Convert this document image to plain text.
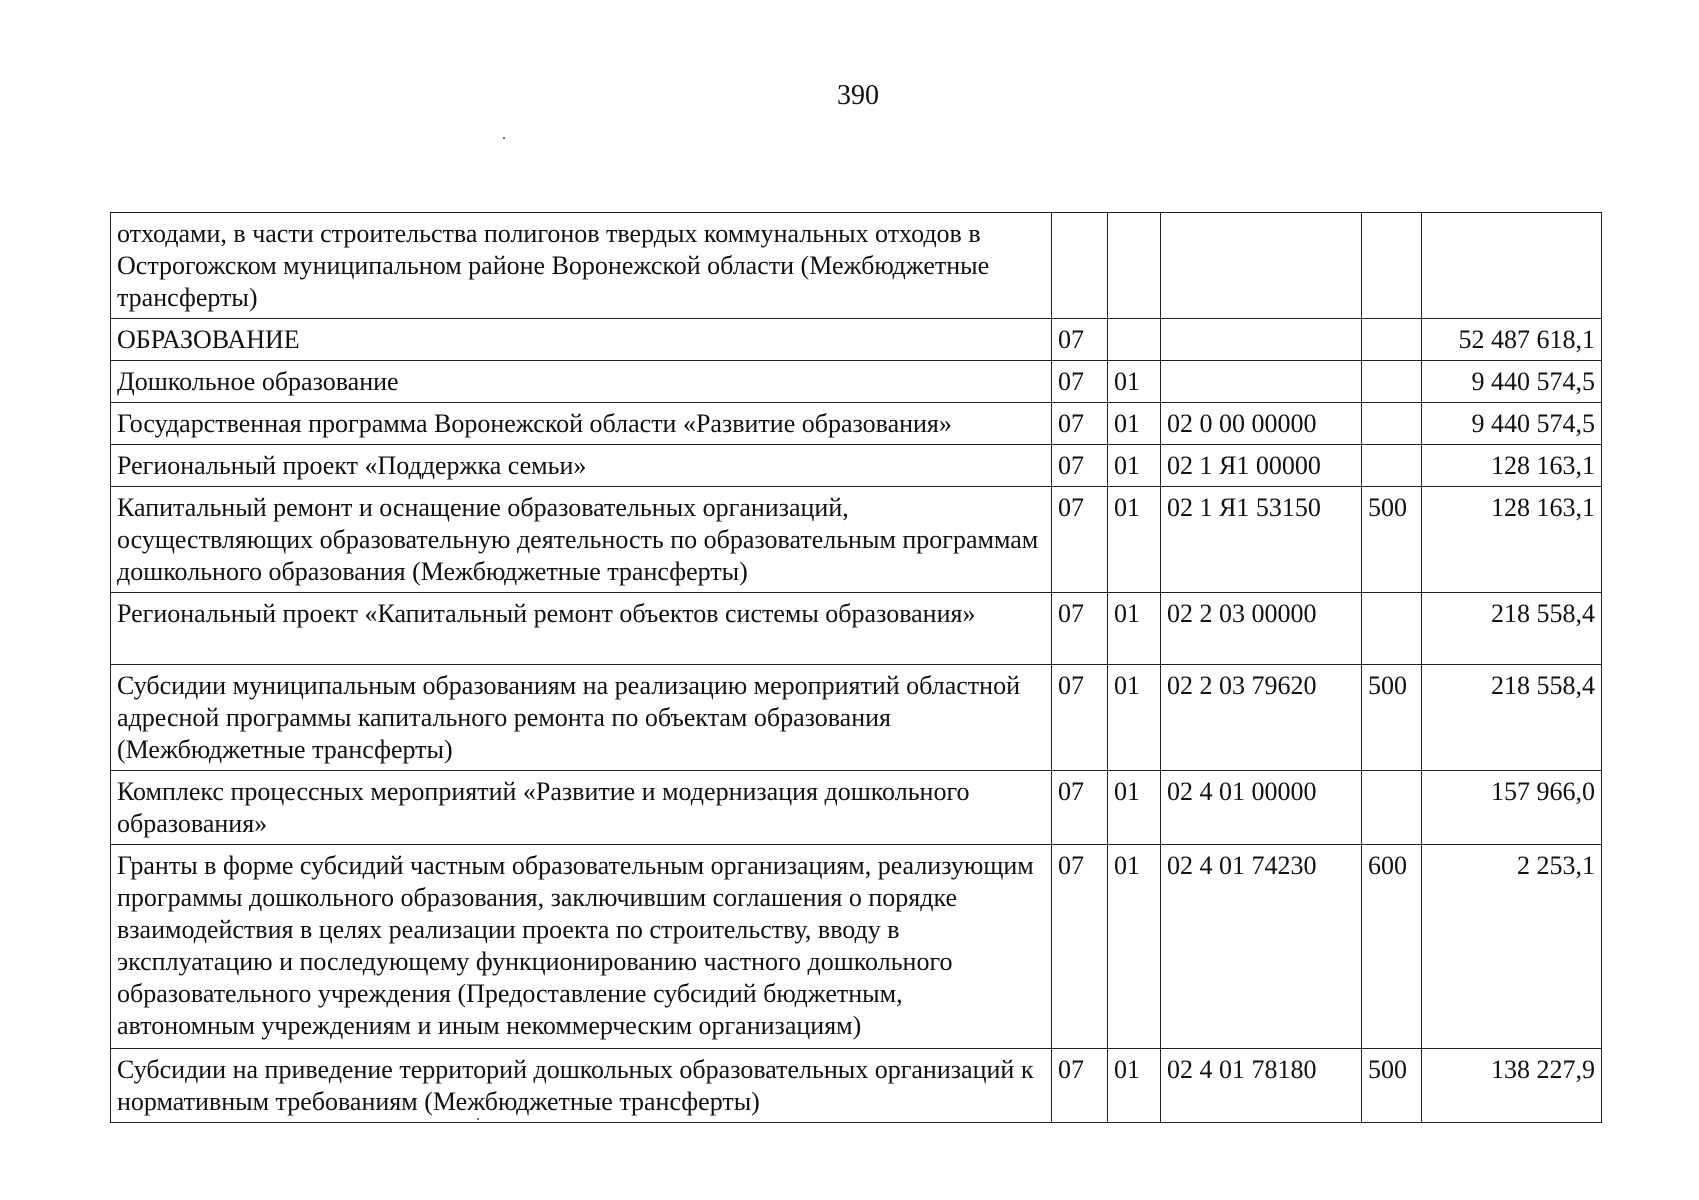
390
отходами, в части строительства полигонов твердых коммунальных отходов в Острогожском муниципальном районе Воронежской области (Межбюджетные трансферты)					
ОБРАЗОВАНИЕ	07				52 487 618,1
Дошкольное образование	07	01			9 440 574,5
Государственная программа Воронежской области «Развитие образования»	07	01	02 0 00 00000		9 440 574,5
Региональный проект «Поддержка семьи»	07	01	02 1 Я1 00000		128 163,1
Капитальный ремонт и оснащение образовательных организаций, осуществляющих образовательную деятельность по образовательным программам дошкольного образования (Межбюджетные трансферты)	07	01	02 1 Я1 53150	500	128 163,1
Региональный проект «Капитальный ремонт объектов системы образования»	07	01	02 2 03 00000		218 558,4
Субсидии муниципальным образованиям на реализацию мероприятий областной адресной программы капитального ремонта по объектам образования (Межбюджетные трансферты)	07	01	02 2 03 79620	500	218 558,4
Комплекс процессных мероприятий «Развитие и модернизация дошкольного образования»	07	01	02 4 01 00000		157 966,0
Гранты в форме субсидий частным образовательным организациям, реализующим программы дошкольного образования, заключившим соглашения о порядке взаимодействия в целях реализации проекта по строительству, вводу в эксплуатацию и последующему функционированию частного дошкольного образовательного учреждения (Предоставление субсидий бюджетным, автономным учреждениям и иным некоммерческим организациям)	07	01	02 4 01 74230	600	2 253,1
Субсидии на приведение территорий дошкольных образовательных организаций к нормативным требованиям (Межбюджетные трансферты)	07	01	02 4 01 78180	500	138 227,9
